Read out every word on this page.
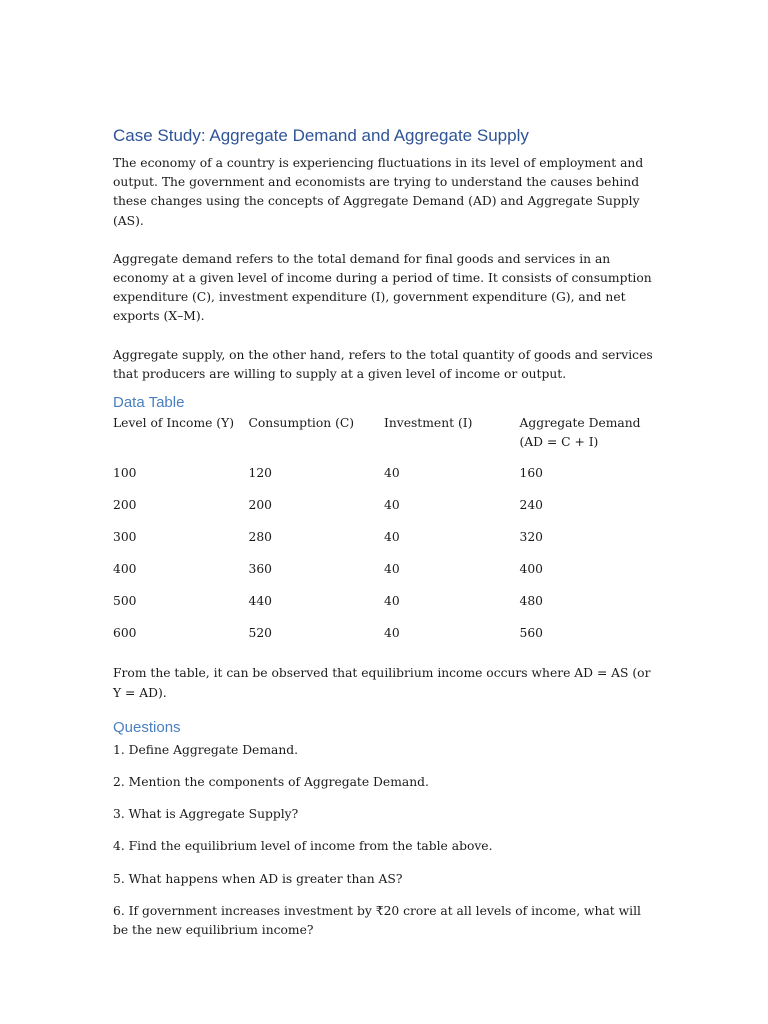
Case Study: Aggregate Demand and Aggregate Supply

The economy of a country is experiencing fluctuations in its level of employment and output. The government and economists are trying to understand the causes behind these changes using the concepts of Aggregate Demand (AD) and Aggregate Supply (AS).

Aggregate demand refers to the total demand for final goods and services in an economy at a given level of income during a period of time. It consists of consumption expenditure (C), investment expenditure (I), government expenditure (G), and net exports (X–M).

Aggregate supply, on the other hand, refers to the total quantity of goods and services that producers are willing to supply at a given level of income or output.

Data Table
Level of Income (Y)	Consumption (C)	Investment (I)	Aggregate Demand (AD = C + I)
100	120	40	160
200	200	40	240
300	280	40	320
400	360	40	400
500	440	40	480
600	520	40	560

From the table, it can be observed that equilibrium income occurs where AD = AS (or Y = AD).

Questions

1. Define Aggregate Demand.

2. Mention the components of Aggregate Demand.

3. What is Aggregate Supply?

4. Find the equilibrium level of income from the table above.

5. What happens when AD is greater than AS?

6. If government increases investment by ₹20 crore at all levels of income, what will be the new equilibrium income?
